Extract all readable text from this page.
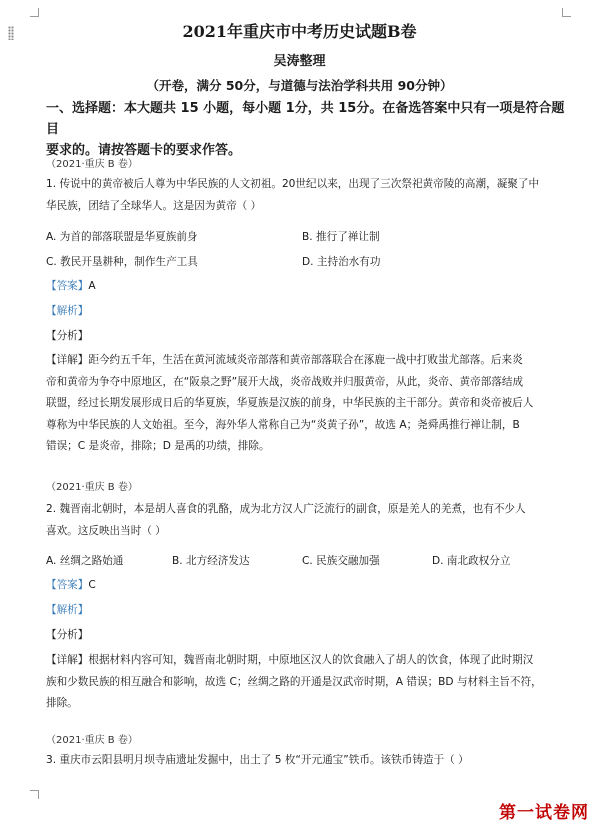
2021年重庆市中考历史试题B卷
吴涛整理
（开卷，满分 50分，与道德与法治学科共用 90分钟）
一、选择题：本大题共 15 小题，每小题 1分，共 15分。在备选答案中只有一项是符合题目
要求的。请按答题卡的要求作答。
（2021·重庆 B 卷）
1. 传说中的黄帝被后人尊为中华民族的人文初祖。20世纪以来，出现了三次祭祀黄帝陵的高潮，凝聚了中
华民族，团结了全球华人。这是因为黄帝（ ）
A. 为首的部落联盟是华夏族前身	B. 推行了禅让制
C. 教民开垦耕种，制作生产工具	D. 主持治水有功
【答案】A
【解析】
【分析】
【详解】距今约五千年，生活在黄河流域炎帝部落和黄帝部落联合在涿鹿一战中打败蚩尤部落。后来炎
帝和黄帝为争夺中原地区，在“阪泉之野”展开大战，炎帝战败并归服黄帝，从此，炎帝、黄帝部落结成
联盟，经过长期发展形成日后的华夏族，华夏族是汉族的前身，中华民族的主干部分。黄帝和炎帝被后人
尊称为中华民族的人文始祖。至今，海外华人常称自己为“炎黄子孙”，故选 A；尧舜禹推行禅让制，B
错误；C 是炎帝，排除；D 是禹的功绩，排除。
（2021·重庆 B 卷）
2. 魏晋南北朝时，本是胡人喜食的乳酪，成为北方汉人广泛流行的副食，原是羌人的羌煮，也有不少人
喜欢。这反映出当时（ ）
A. 丝绸之路始通	B. 北方经济发达	C. 民族交融加强	D. 南北政权分立
【答案】C
【解析】
【分析】
【详解】根据材料内容可知，魏晋南北朝时期，中原地区汉人的饮食融入了胡人的饮食，体现了此时期汉
族和少数民族的相互融合和影响，故选 C；丝绸之路的开通是汉武帝时期，A 错误；BD 与材料主旨不符，
排除。
（2021·重庆 B 卷）
3. 重庆市云阳县明月坝寺庙遗址发掘中，出土了 5 枚“开元通宝”铁币。该铁币铸造于（ ）
第一试卷网
